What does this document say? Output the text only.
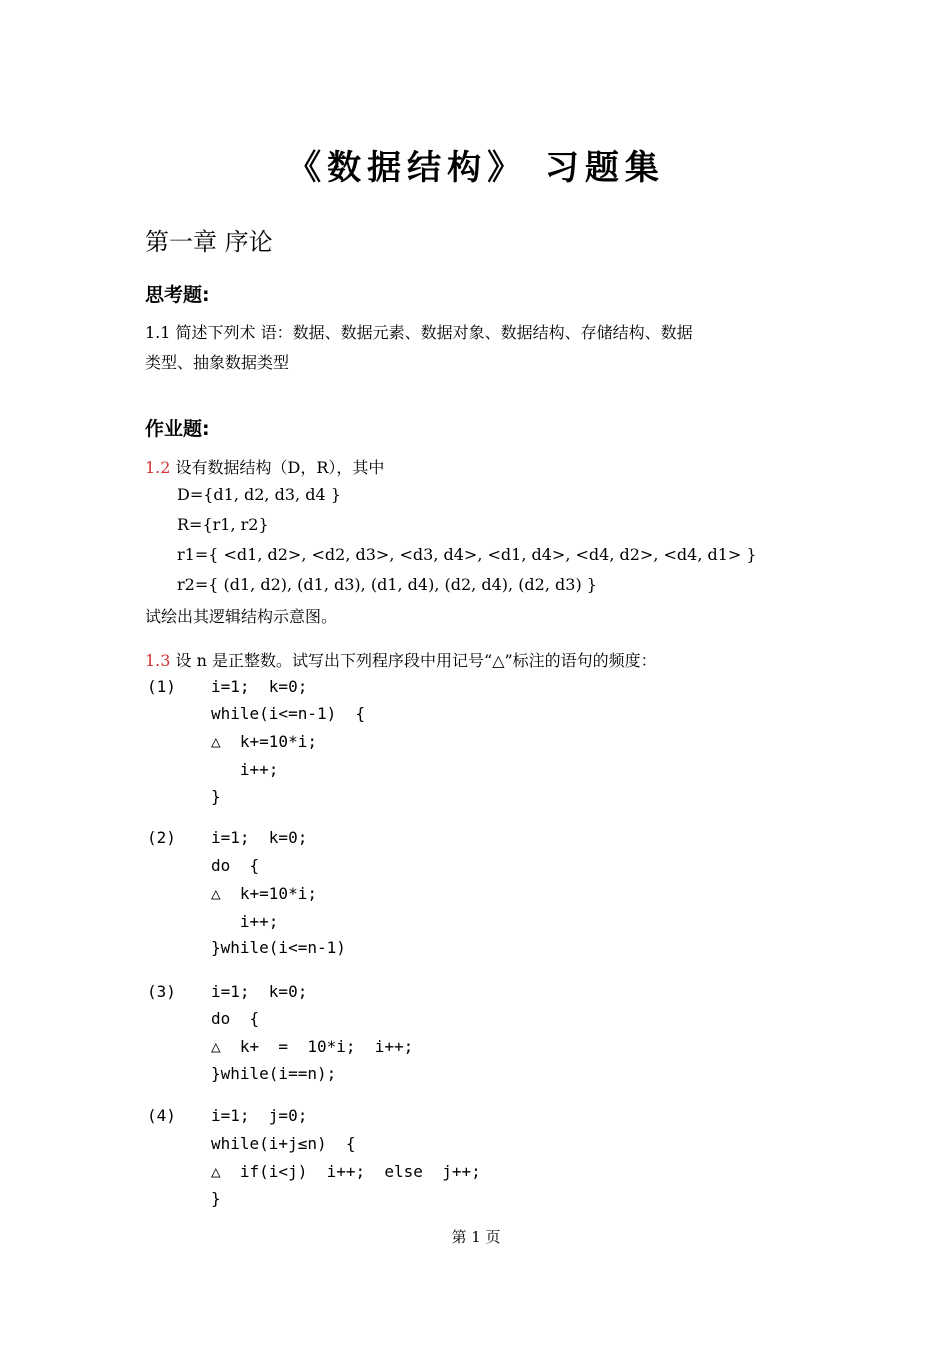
《数据结构》 习题集
第一章 序论
思考题:
1.1 简述下列术 语：数据、数据元素、数据对象、数据结构、存储结构、数据
类型、抽象数据类型
作业题:
1.2 设有数据结构（D，R），其中
D={d1, d2, d3, d4 }
R={r1, r2}
r1={ <d1, d2>, <d2, d3>, <d3, d4>, <d1, d4>, <d4, d2>, <d4, d1> }
r2={ (d1, d2), (d1, d3), (d1, d4), (d2, d4), (d2, d3) }
试绘出其逻辑结构示意图。
1.3 设 n 是正整数。试写出下列程序段中用记号“△”标注的语句的频度：
(1) i=1;  k=0;
while(i<=n-1)  {
△  k+=10*i;
i++;
}
(2) i=1;  k=0;
do  {
△  k+=10*i;
i++;
}while(i<=n-1)
(3) i=1;  k=0;
do  {
△  k+  =  10*i;  i++;
}while(i==n);
(4) i=1;  j=0;
while(i+j≤n)  {
△  if(i<j)  i++;  else  j++;
}
第 1 页
